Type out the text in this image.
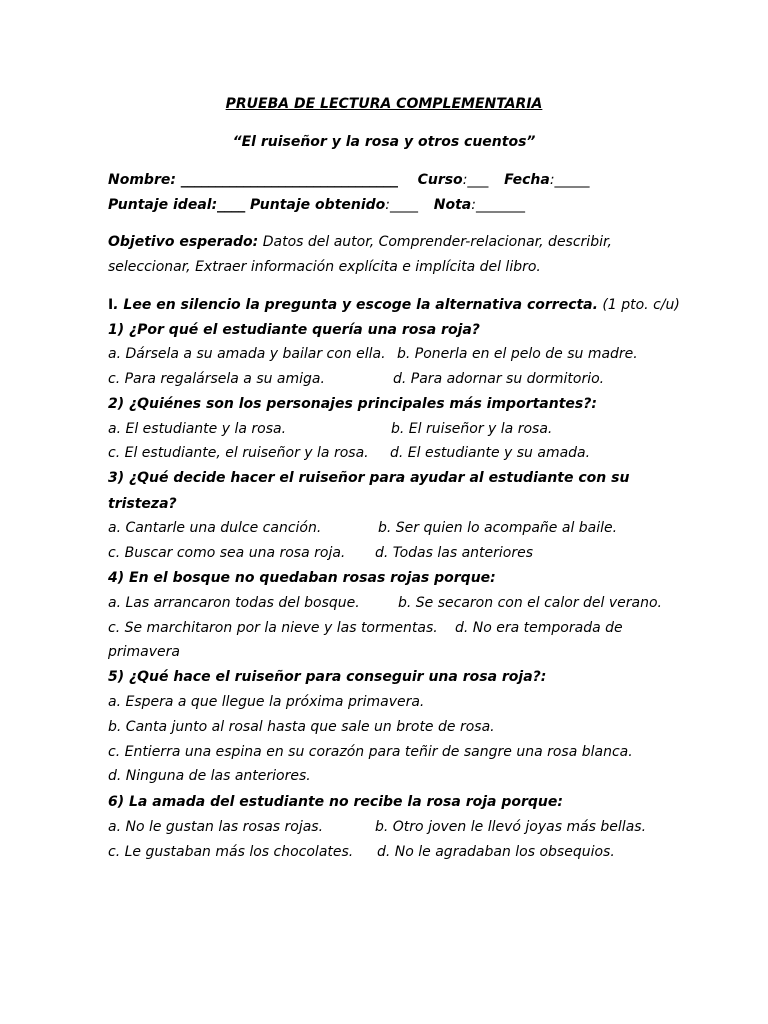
PRUEBA DE LECTURA COMPLEMENTARIA
“El ruiseñor y la rosa y otros cuentos”
Nombre: _______________________________ Curso:___ Fecha:_____
Puntaje ideal:____ Puntaje obtenido:____ Nota:_______
Objetivo esperado: Datos del autor, Comprender-relacionar, describir,
seleccionar, Extraer información explícita e implícita del libro.
I. Lee en silencio la pregunta y escoge la alternativa correcta. (1 pto. c/u)
1) ¿Por qué el estudiante quería una rosa roja?
a. Dársela a su amada y bailar con ella. b. Ponerla en el pelo de su madre.
c. Para regalársela a su amiga.	d. Para adornar su dormitorio.
2) ¿Quiénes son los personajes principales más importantes?:
a. El estudiante y la rosa.	b. El ruiseñor y la rosa.
c. El estudiante, el ruiseñor y la rosa. d. El estudiante y su amada.
3) ¿Qué decide hacer el ruiseñor para ayudar al estudiante con su
tristeza?
a. Cantarle una dulce canción.	b. Ser quien lo acompañe al baile.
c. Buscar como sea una rosa roja. d. Todas las anteriores
4) En el bosque no quedaban rosas rojas porque:
a. Las arrancaron todas del bosque.	b. Se secaron con el calor del verano.
c. Se marchitaron por la nieve y las tormentas. d. No era temporada de
primavera
5) ¿Qué hace el ruiseñor para conseguir una rosa roja?:
a. Espera a que llegue la próxima primavera.
b. Canta junto al rosal hasta que sale un brote de rosa.
c. Entierra una espina en su corazón para teñir de sangre una rosa blanca.
d. Ninguna de las anteriores.
6) La amada del estudiante no recibe la rosa roja porque:
a. No le gustan las rosas rojas.	b. Otro joven le llevó joyas más bellas.
c. Le gustaban más los chocolates. d. No le agradaban los obsequios.
